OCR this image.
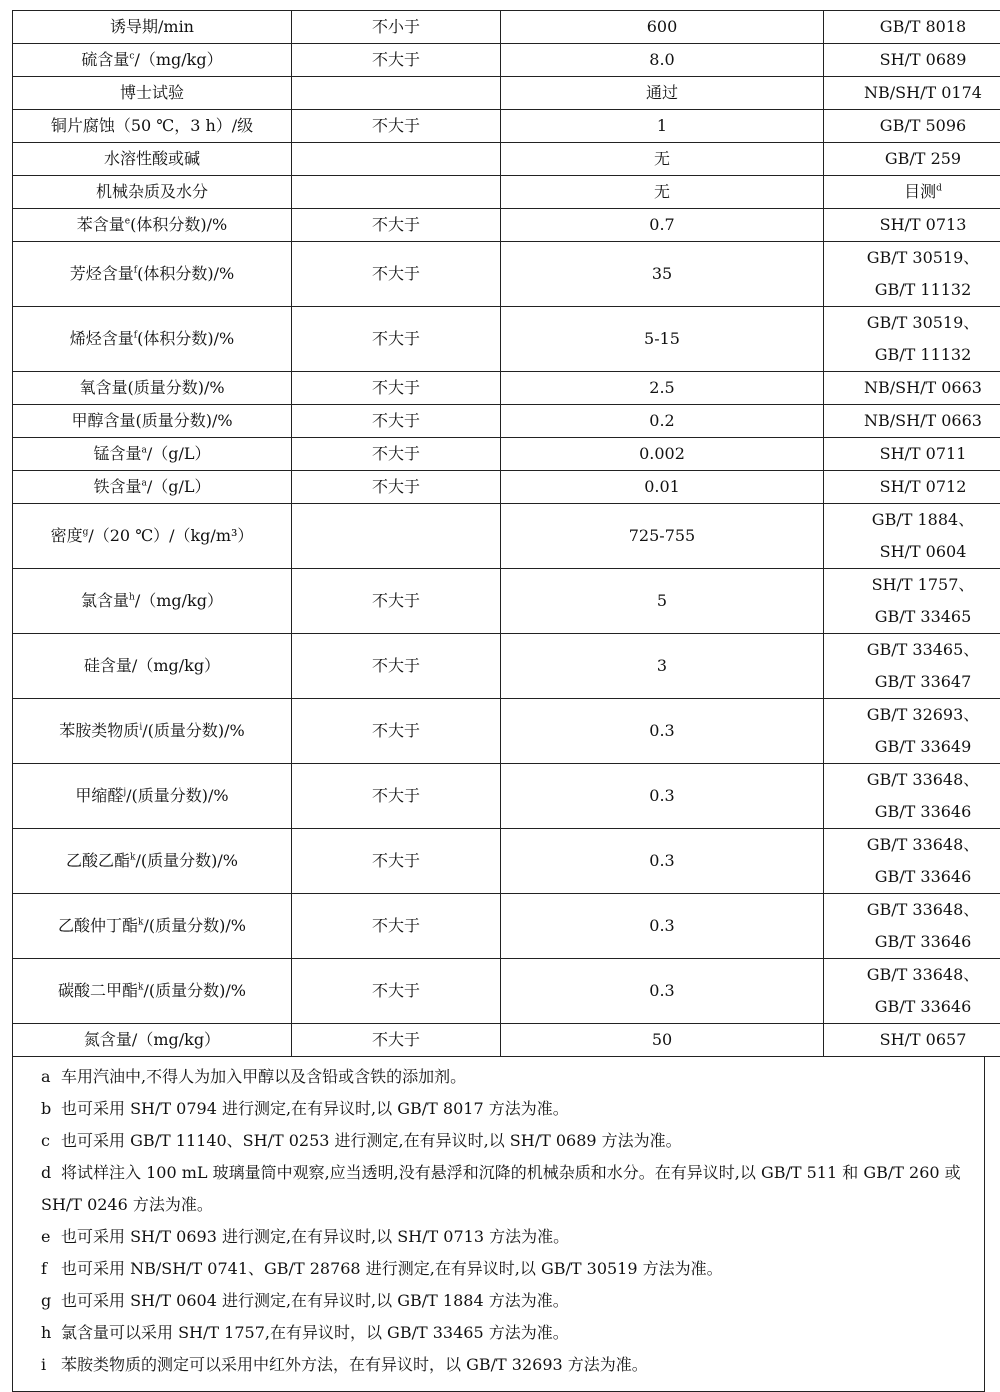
诱导期/min	不小于	600	GB/T 8018

硫含量$^c$/（mg/kg）	不大于	8.0	SH/T 0689

博士试验		通过	NB/SH/T 0174

铜片腐蚀（50 ℃，3 h）/级	不大于	1	GB/T 5096

水溶性酸或碱		无	GB/T 259

机械杂质及水分		无	目测$^d$

苯含量$^e$(体积分数)/%	不大于	0.7	SH/T 0713

芳烃含量$^f$(体积分数)/%	不大于	35	GB/T 30519、
GB/T 11132

烯烃含量$^f$(体积分数)/%	不大于	5-15	GB/T 30519、
GB/T 11132

氧含量(质量分数)/%	不大于	2.5	NB/SH/T 0663

甲醇含量(质量分数)/%	不大于	0.2	NB/SH/T 0663

锰含量$^a$/（g/L）	不大于	0.002	SH/T 0711

铁含量$^a$/（g/L）	不大于	0.01	SH/T 0712

密度$^g$/（20 ℃）/（kg/m³）		725-755	GB/T 1884、
SH/T 0604

氯含量$^h$/（mg/kg）	不大于	5	SH/T 1757、
GB/T 33465

硅含量/（mg/kg）	不大于	3	GB/T 33465、
GB/T 33647

苯胺类物质$^i$/(质量分数)/%	不大于	0.3	GB/T 32693、
GB/T 33649

甲缩醛$^j$/(质量分数)/%	不大于	0.3	GB/T 33648、
GB/T 33646

乙酸乙酯$^k$/(质量分数)/%	不大于	0.3	GB/T 33648、
GB/T 33646

乙酸仲丁酯$^k$/(质量分数)/%	不大于	0.3	GB/T 33648、
GB/T 33646

碳酸二甲酯$^k$/(质量分数)/%	不大于	0.3	GB/T 33648、
GB/T 33646

氮含量/（mg/kg）	不大于	50	SH/T 0657
a 车用汽油中,不得人为加入甲醇以及含铅或含铁的添加剂。
b 也可采用 SH/T 0794 进行测定,在有异议时,以 GB/T 8017 方法为准。
c 也可采用 GB/T 11140、SH/T 0253 进行测定,在有异议时,以 SH/T 0689 方法为准。
d 将试样注入 100 mL 玻璃量筒中观察,应当透明,没有悬浮和沉降的机械杂质和水分。在有异议时,以 GB/T 511 和 GB/T 260 或 SH/T 0246 方法为准。
e 也可采用 SH/T 0693 进行测定,在有异议时,以 SH/T 0713 方法为准。
f 也可采用 NB/SH/T 0741、GB/T 28768 进行测定,在有异议时,以 GB/T 30519 方法为准。
g 也可采用 SH/T 0604 进行测定,在有异议时,以 GB/T 1884 方法为准。
h 氯含量可以采用 SH/T 1757,在有异议时，以 GB/T 33465 方法为准。
i 苯胺类物质的测定可以采用中红外方法，在有异议时，以 GB/T 32693 方法为准。
